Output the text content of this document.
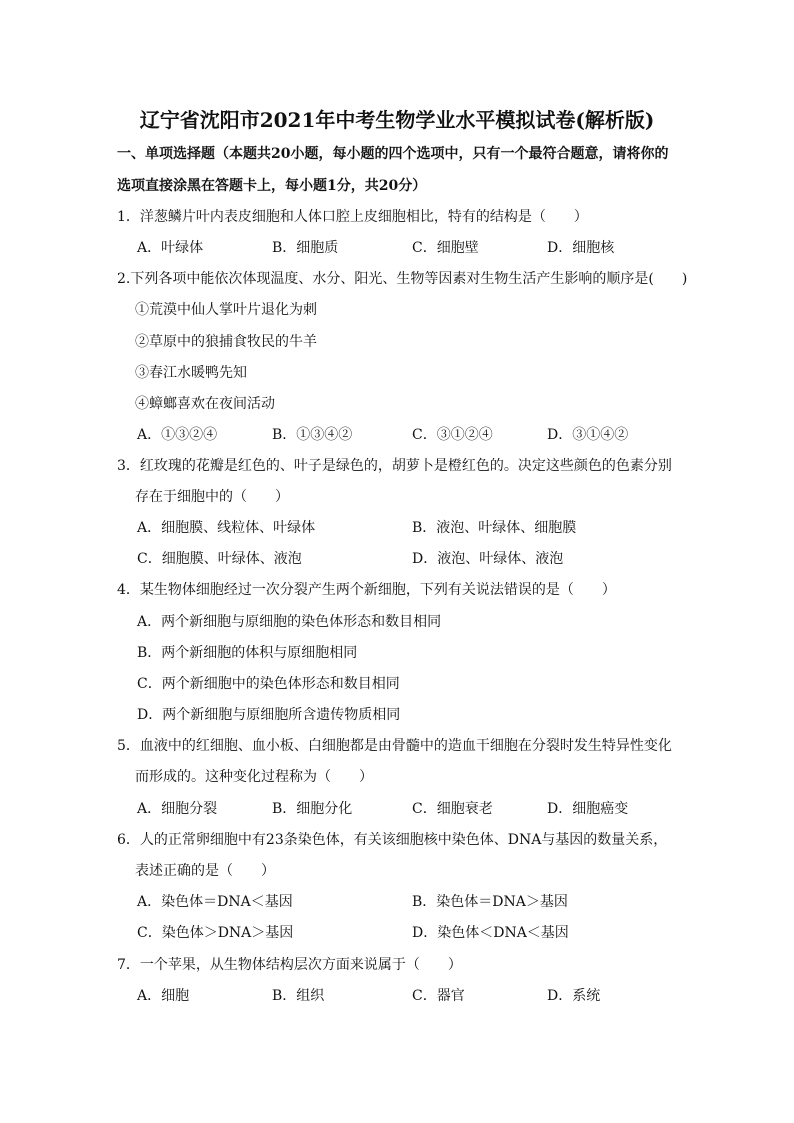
辽宁省沈阳市2021年中考生物学业水平模拟试卷(解析版)
一、单项选择题（本题共20小题，每小题的四个选项中，只有一个最符合题意，请将你的
选项直接涂黑在答题卡上，每小题1分，共20分）
1．洋葱鳞片叶内表皮细胞和人体口腔上皮细胞相比，特有的结构是（　　）
A．叶绿体	B．细胞质	C．细胞壁	D．细胞核
2.下列各项中能依次体现温度、水分、阳光、生物等因素对生物生活产生影响的顺序是(　　)
①荒漠中仙人掌叶片退化为刺
②草原中的狼捕食牧民的牛羊
③春江水暖鸭先知
④蟑螂喜欢在夜间活动
A．①③②④	B．①③④②	C．③①②④	D．③①④②
3．红玫瑰的花瓣是红色的、叶子是绿色的，胡萝卜是橙红色的。决定这些颜色的色素分别
存在于细胞中的（　　）
A．细胞膜、线粒体、叶绿体	B．液泡、叶绿体、细胞膜
C．细胞膜、叶绿体、液泡	D．液泡、叶绿体、液泡
4．某生物体细胞经过一次分裂产生两个新细胞，下列有关说法错误的是（　　）
A．两个新细胞与原细胞的染色体形态和数目相同
B．两个新细胞的体积与原细胞相同
C．两个新细胞中的染色体形态和数目相同
D．两个新细胞与原细胞所含遗传物质相同
5．血液中的红细胞、血小板、白细胞都是由骨髓中的造血干细胞在分裂时发生特异性变化
而形成的。这种变化过程称为（　　）
A．细胞分裂	B．细胞分化	C．细胞衰老	D．细胞癌变
6．人的正常卵细胞中有23条染色体，有关该细胞核中染色体、DNA与基因的数量关系，
表述正确的是（　　）
A．染色体＝DNA＜基因	B．染色体＝DNA＞基因
C．染色体＞DNA＞基因	D．染色体＜DNA＜基因
7．一个苹果，从生物体结构层次方面来说属于（　　）
A．细胞	B．组织	C．器官	D．系统
